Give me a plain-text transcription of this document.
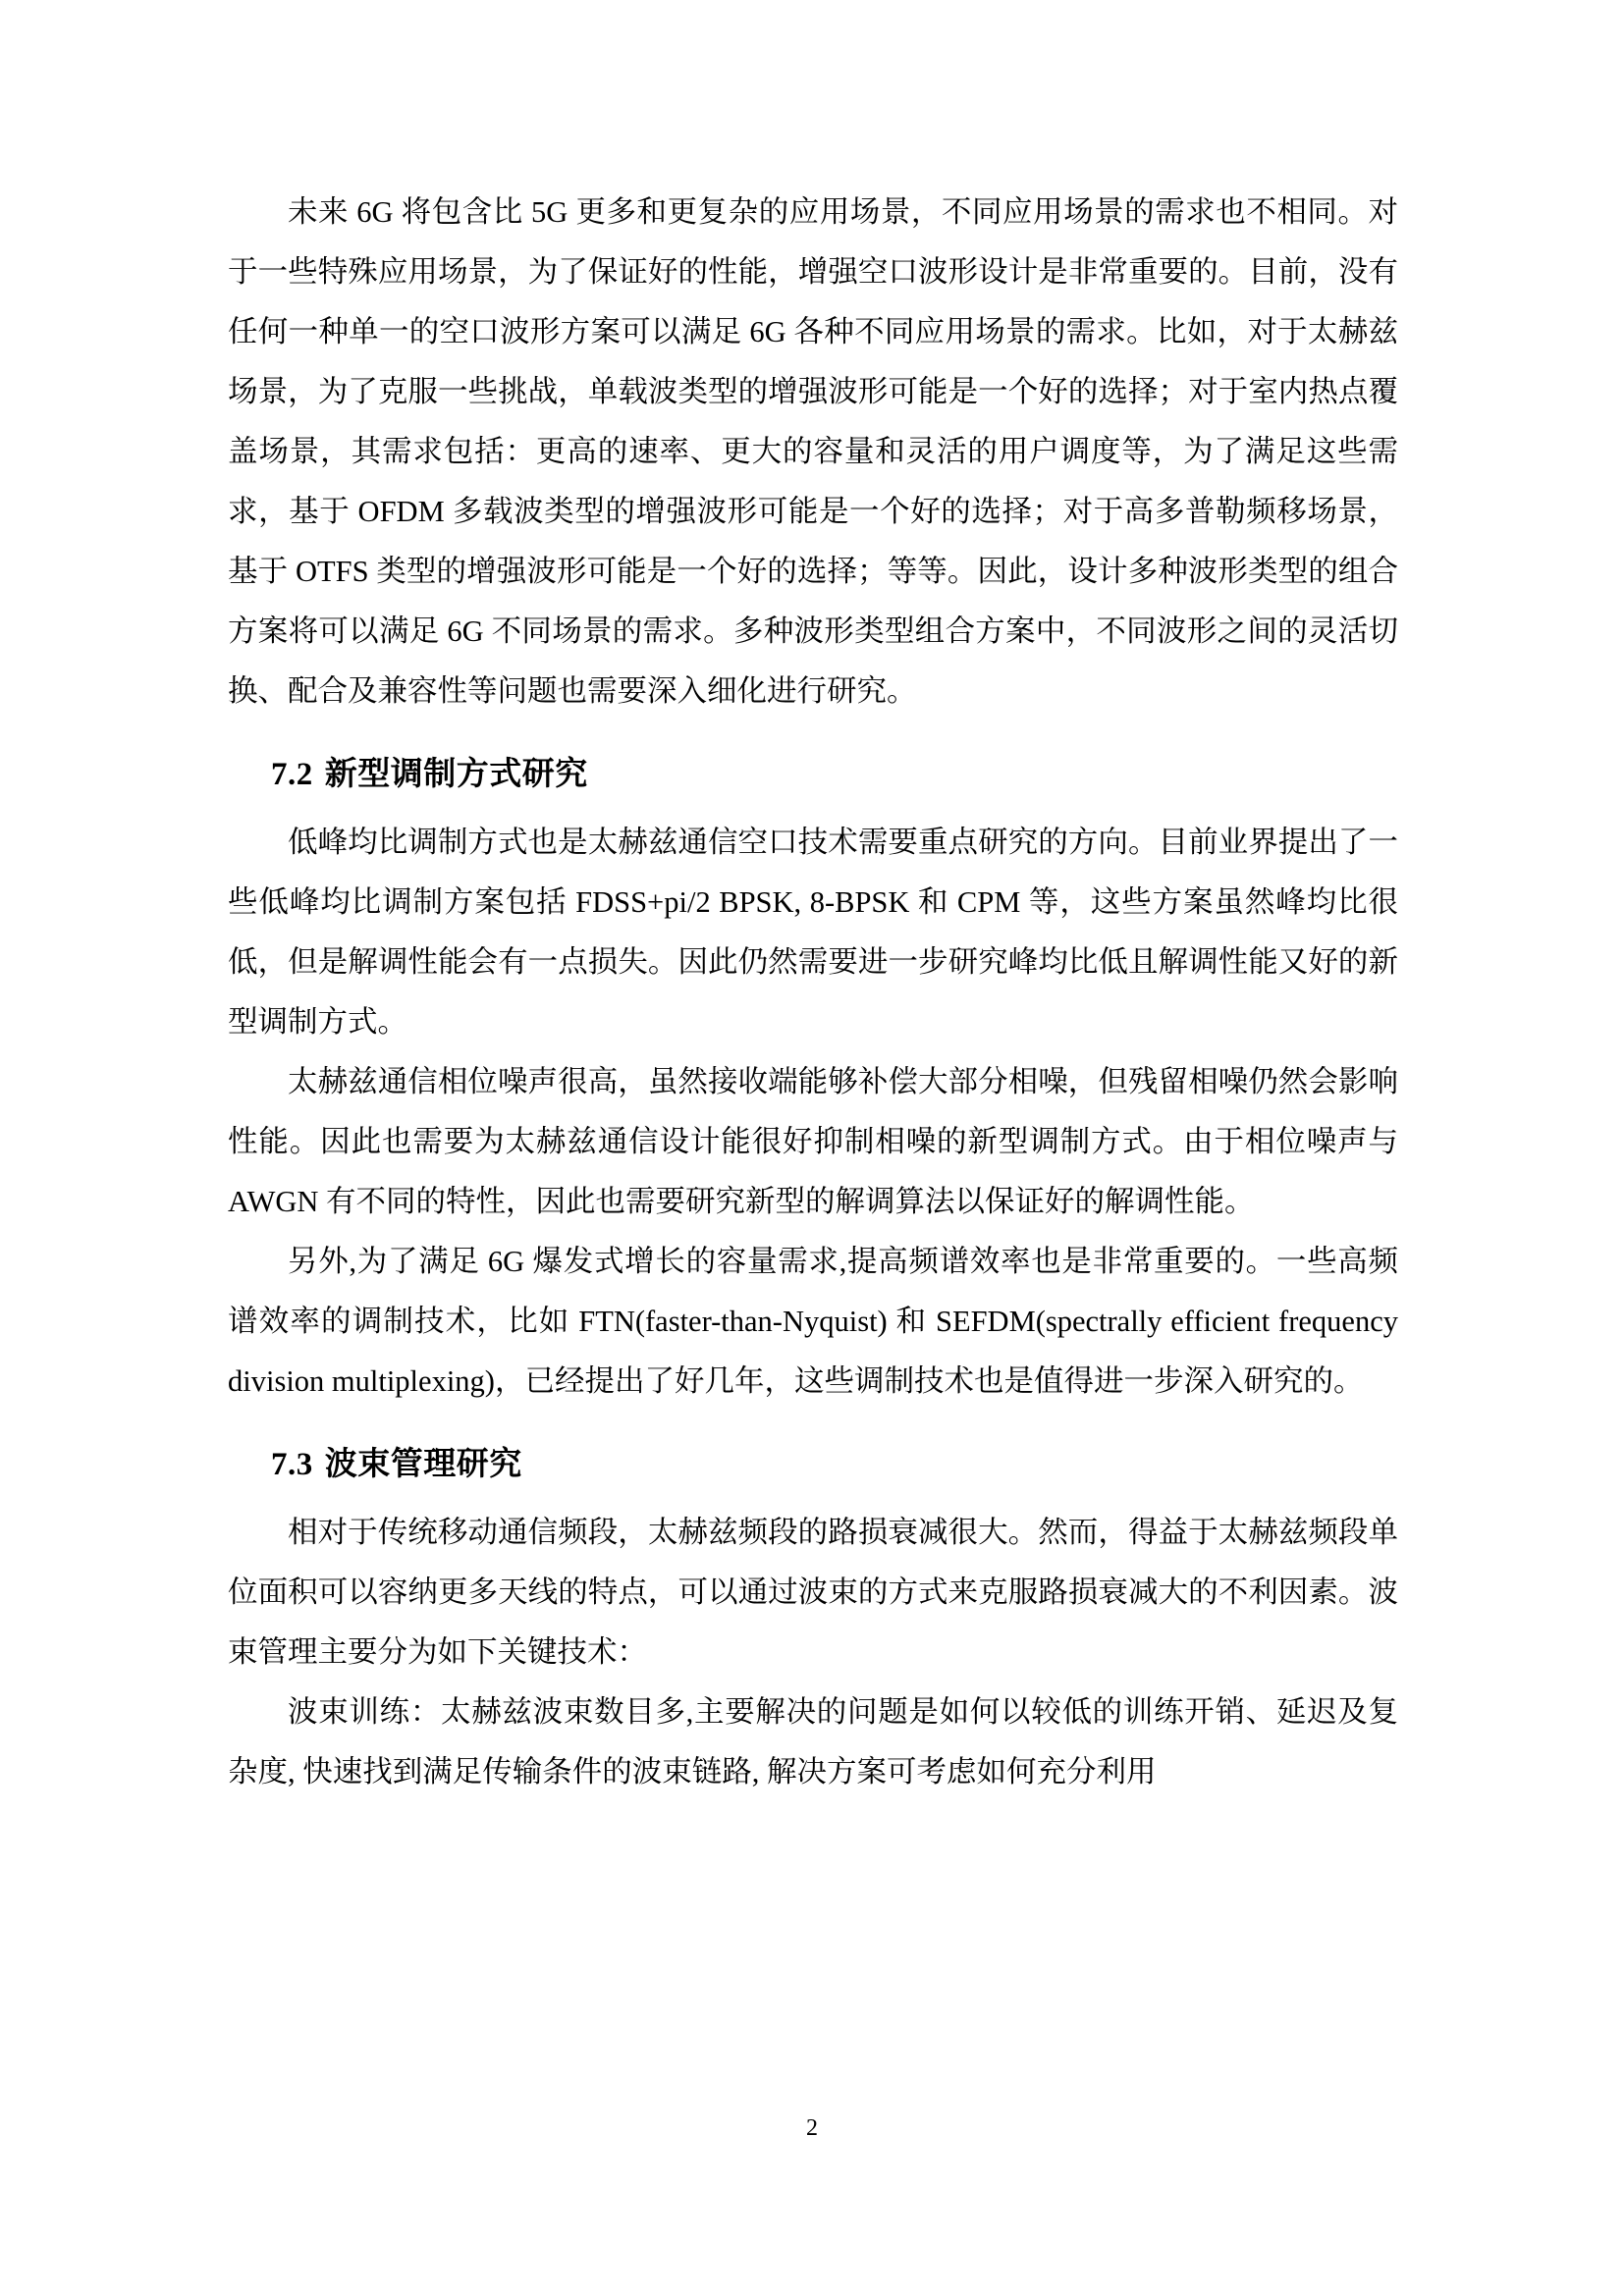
未来 6G 将包含比 5G 更多和更复杂的应用场景，不同应用场景的需求也不相同。对于一些特殊应用场景，为了保证好的性能，增强空口波形设计是非常重要的。目前，没有任何一种单一的空口波形方案可以满足 6G 各种不同应用场景的需求。比如，对于太赫兹场景，为了克服一些挑战，单载波类型的增强波形可能是一个好的选择；对于室内热点覆盖场景，其需求包括：更高的速率、更大的容量和灵活的用户调度等，为了满足这些需求，基于 OFDM 多载波类型的增强波形可能是一个好的选择；对于高多普勒频移场景，基于 OTFS 类型的增强波形可能是一个好的选择；等等。因此，设计多种波形类型的组合方案将可以满足 6G 不同场景的需求。多种波形类型组合方案中，不同波形之间的灵活切换、配合及兼容性等问题也需要深入细化进行研究。

7.2 新型调制方式研究

低峰均比调制方式也是太赫兹通信空口技术需要重点研究的方向。目前业界提出了一些低峰均比调制方案包括 FDSS+pi/2 BPSK, 8-BPSK 和 CPM 等，这些方案虽然峰均比很低，但是解调性能会有一点损失。因此仍然需要进一步研究峰均比低且解调性能又好的新型调制方式。

太赫兹通信相位噪声很高，虽然接收端能够补偿大部分相噪，但残留相噪仍然会影响性能。因此也需要为太赫兹通信设计能很好抑制相噪的新型调制方式。由于相位噪声与 AWGN 有不同的特性，因此也需要研究新型的解调算法以保证好的解调性能。

另外,为了满足 6G 爆发式增长的容量需求,提高频谱效率也是非常重要的。一些高频谱效率的调制技术，比如 FTN(faster-than-Nyquist) 和 SEFDM(spectrally efficient frequency division multiplexing)，已经提出了好几年，这些调制技术也是值得进一步深入研究的。

7.3 波束管理研究

相对于传统移动通信频段，太赫兹频段的路损衰减很大。然而，得益于太赫兹频段单位面积可以容纳更多天线的特点，可以通过波束的方式来克服路损衰减大的不利因素。波束管理主要分为如下关键技术：

波束训练：太赫兹波束数目多,主要解决的问题是如何以较低的训练开销、延迟及复杂度, 快速找到满足传输条件的波束链路, 解决方案可考虑如何充分利用

2
